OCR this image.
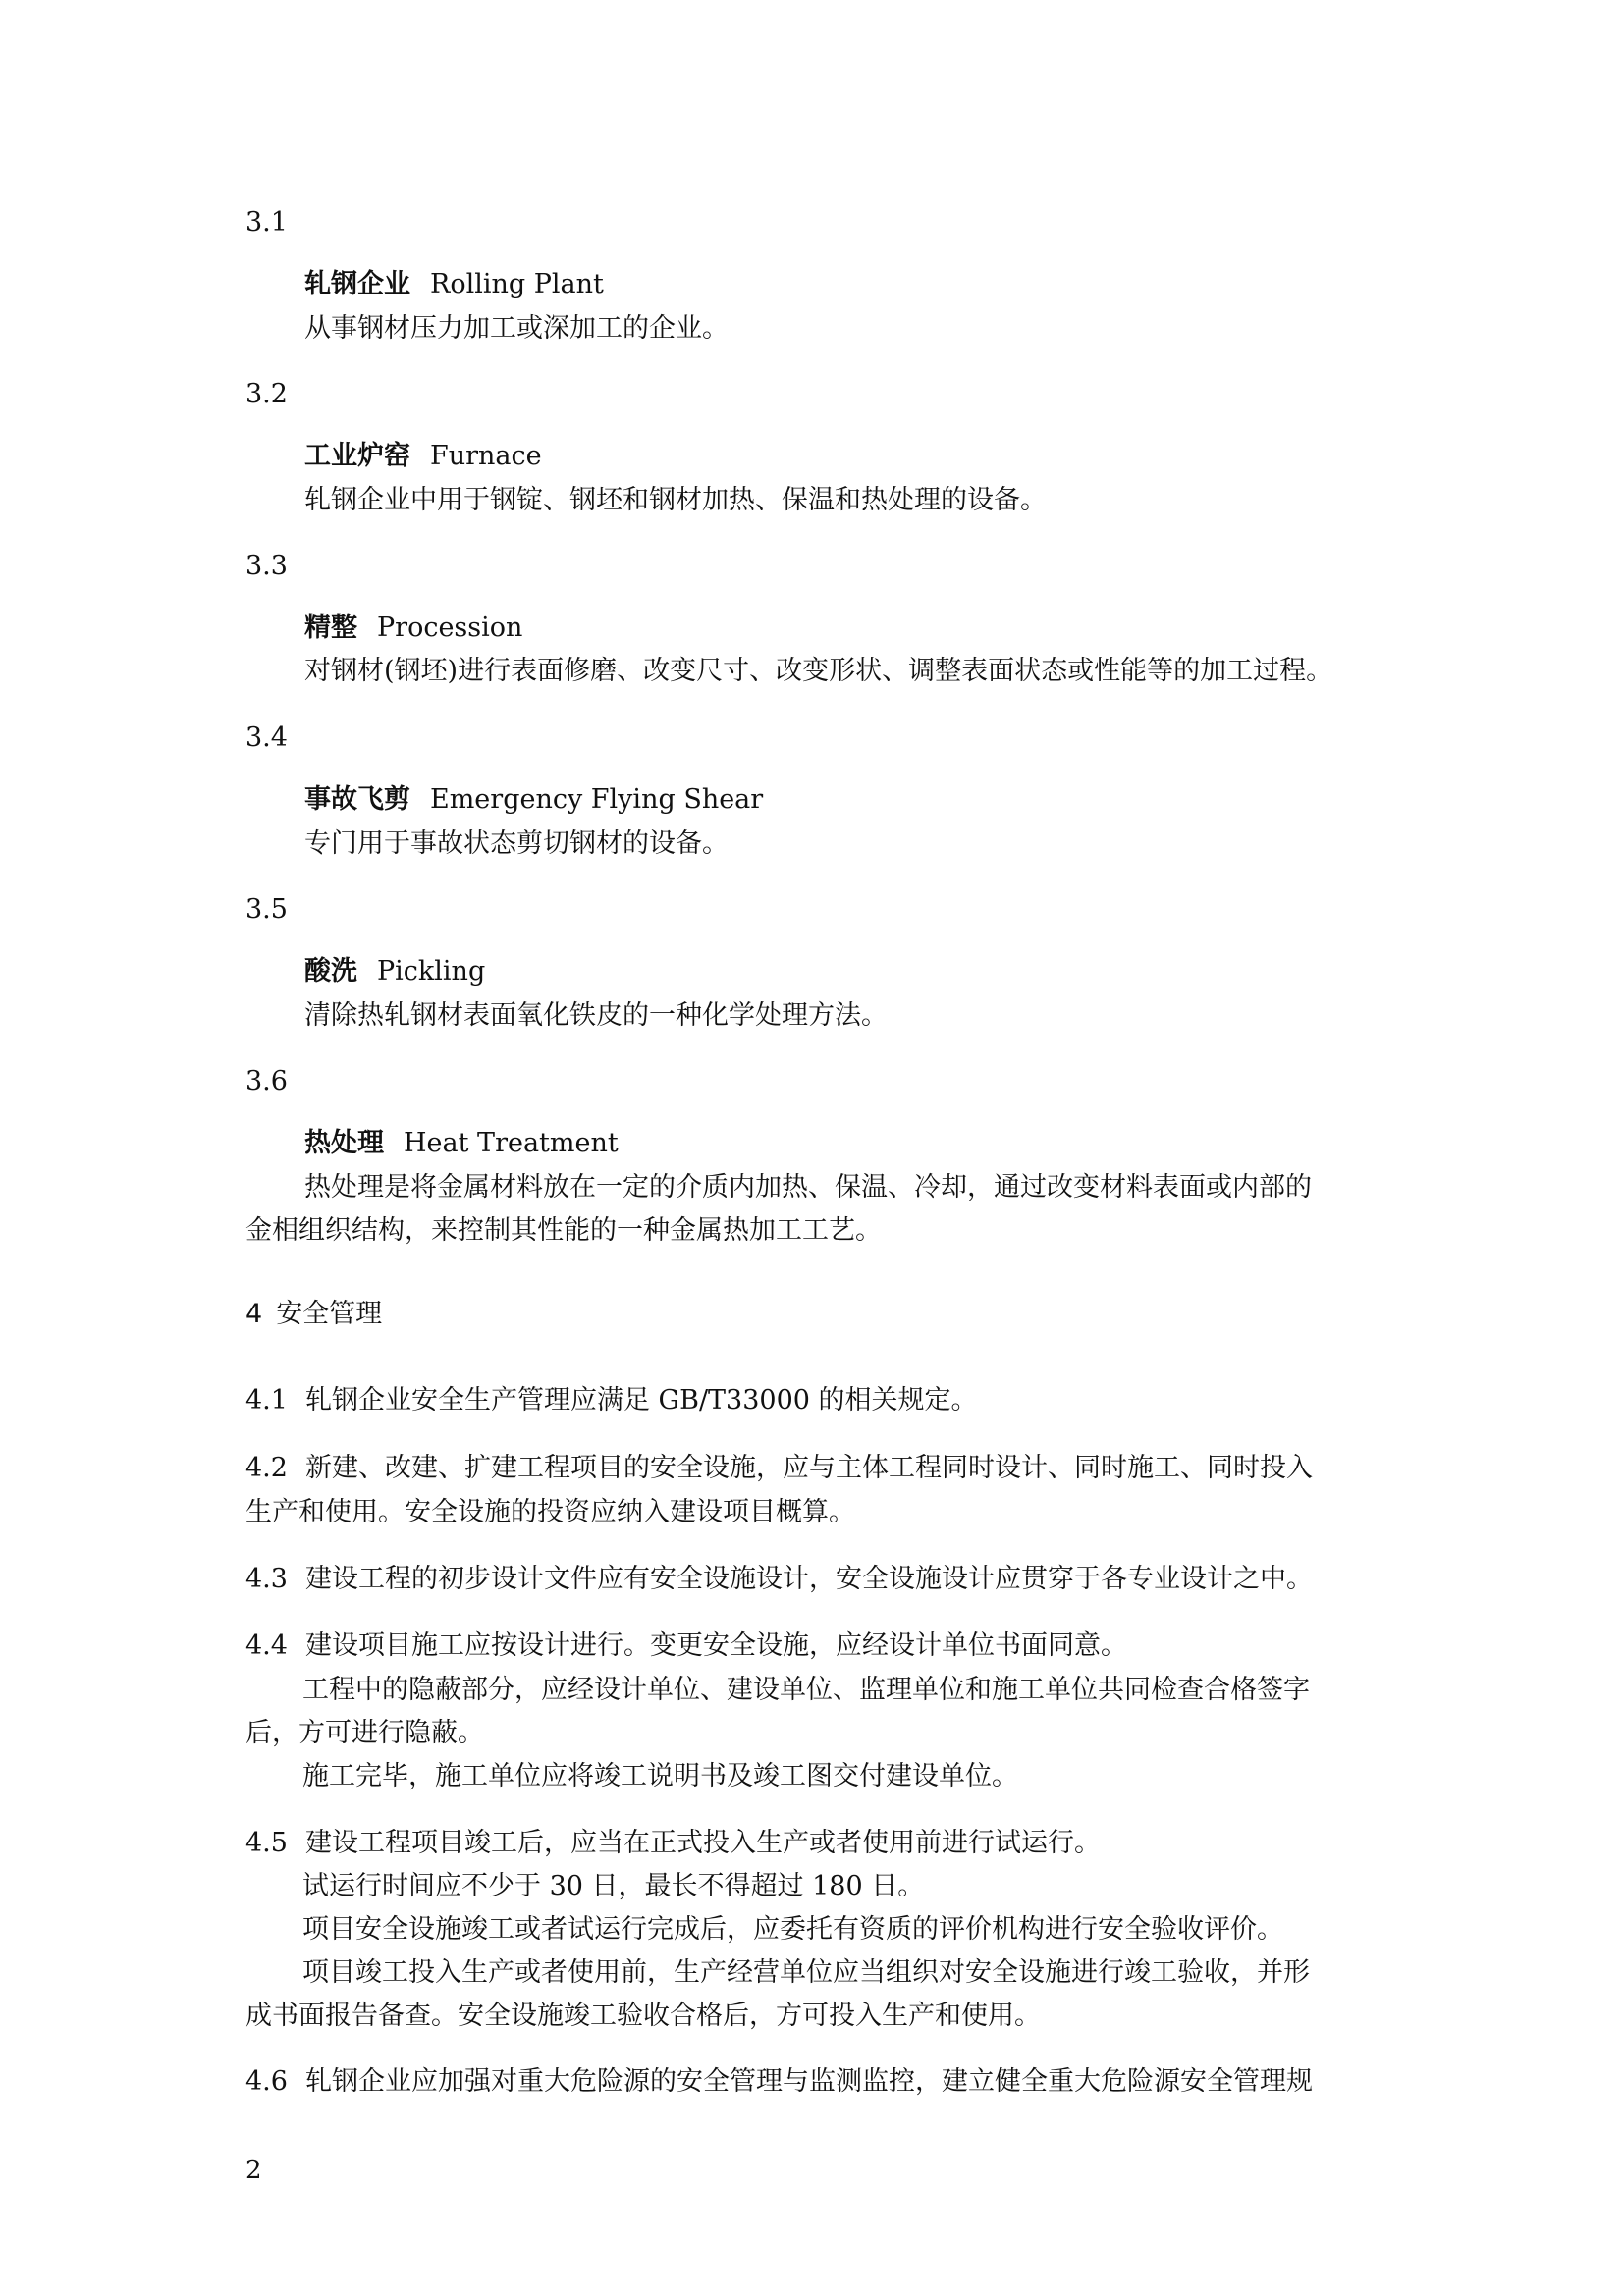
3.1
轧钢企业 Rolling Plant
从事钢材压力加工或深加工的企业。
3.2
工业炉窑 Furnace
轧钢企业中用于钢锭、钢坯和钢材加热、保温和热处理的设备。
3.3
精整 Procession
对钢材(钢坯)进行表面修磨、改变尺寸、改变形状、调整表面状态或性能等的加工过程。
3.4
事故飞剪 Emergency Flying Shear
专门用于事故状态剪切钢材的设备。
3.5
酸洗 Pickling
清除热轧钢材表面氧化铁皮的一种化学处理方法。
3.6
热处理 Heat Treatment
热处理是将金属材料放在一定的介质内加热、保温、冷却，通过改变材料表面或内部的
金相组织结构，来控制其性能的一种金属热加工工艺。
4 安全管理
4.1 轧钢企业安全生产管理应满足 GB/T33000 的相关规定。
4.2 新建、改建、扩建工程项目的安全设施，应与主体工程同时设计、同时施工、同时投入
生产和使用。安全设施的投资应纳入建设项目概算。
4.3 建设工程的初步设计文件应有安全设施设计，安全设施设计应贯穿于各专业设计之中。
4.4 建设项目施工应按设计进行。变更安全设施，应经设计单位书面同意。
工程中的隐蔽部分，应经设计单位、建设单位、监理单位和施工单位共同检查合格签字
后，方可进行隐蔽。
施工完毕，施工单位应将竣工说明书及竣工图交付建设单位。
4.5 建设工程项目竣工后，应当在正式投入生产或者使用前进行试运行。
试运行时间应不少于 30 日，最长不得超过 180 日。
项目安全设施竣工或者试运行完成后，应委托有资质的评价机构进行安全验收评价。
项目竣工投入生产或者使用前，生产经营单位应当组织对安全设施进行竣工验收，并形
成书面报告备查。安全设施竣工验收合格后，方可投入生产和使用。
4.6 轧钢企业应加强对重大危险源的安全管理与监测监控，建立健全重大危险源安全管理规
2
